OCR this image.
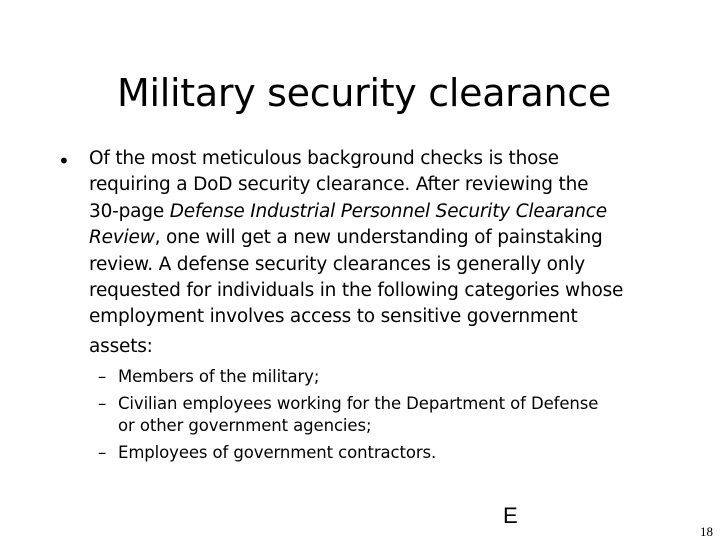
Military security clearance
• Of the most meticulous background checks is those
requiring a DoD security clearance. After reviewing the
30-page Defense Industrial Personnel Security Clearance
Review, one will get a new understanding of painstaking
review. A defense security clearances is generally only
requested for individuals in the following categories whose
employment involves access to sensitive government
assets:
– Members of the military;
– Civilian employees working for the Department of Defense
or other government agencies;
– Employees of government contractors.
E
18
